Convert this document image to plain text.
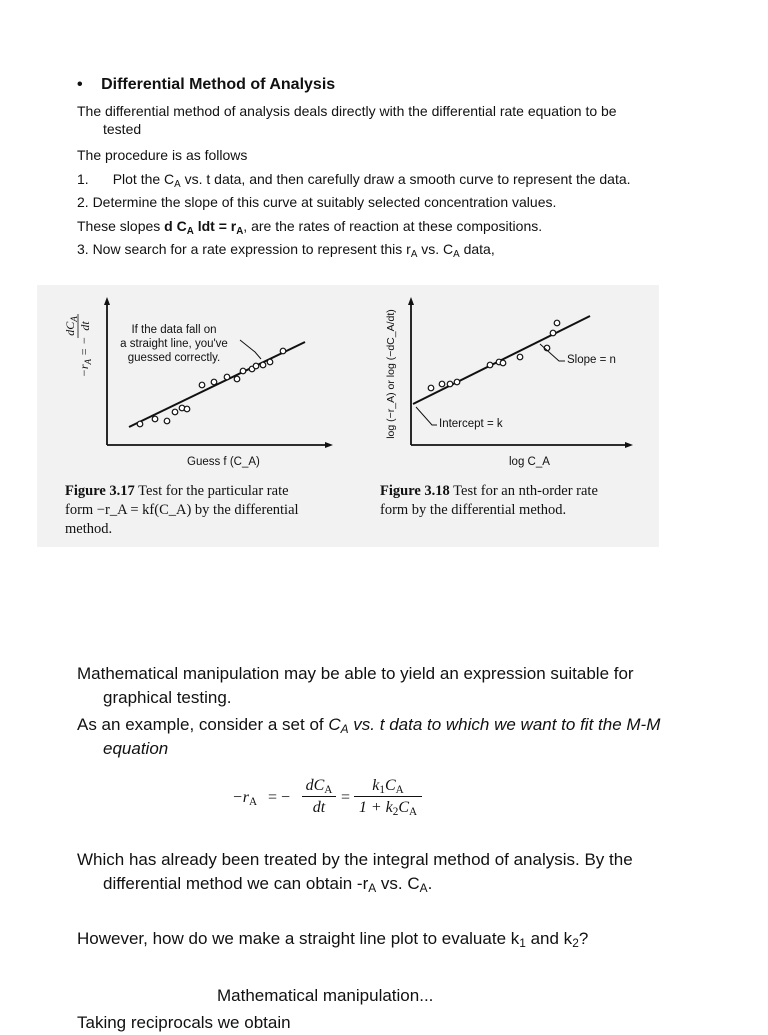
• Differential Method of Analysis
The differential method of analysis deals directly with the differential rate equation to be
tested
The procedure is as follows
1. Plot the $C_A$ vs. t data, and then carefully draw a smooth curve to represent the data.
2. Determine the slope of this curve at suitably selected concentration values.
These slopes d $C_A$ ldt = $r_A$, are the rates of reaction at these compositions.
3. Now search for a rate expression to represent this $r_A$ vs. $C_A$ data,
$-r_A$ = −
$dC_A$
dt	If the data fall on
a straight line, you've
guessed correctly.
Guess f (C_A)
Slope = n
Intercept = k
log C_A
log (−r_A) or log (−dC_A/dt)
Figure 3.17 Test for the particular rate
form −r_A = kf(C_A) by the differential
method.
Figure 3.18 Test for an nth-order rate
form by the differential method.
Mathematical manipulation may be able to yield an expression suitable for
graphical testing.
As an example, consider a set of $C_A$ vs. t data to which we want to fit the M-M
equation
$-r_A$ = −
$dC_A$
dt
=
$k_1C_A$
$1 + k_2C_A$
Which has already been treated by the integral method of analysis. By the
differential method we can obtain $-r_A$ vs. $C_A$.
However, how do we make a straight line plot to evaluate $k_1$ and $k_2$?
Mathematical manipulation...
Taking reciprocals we obtain
